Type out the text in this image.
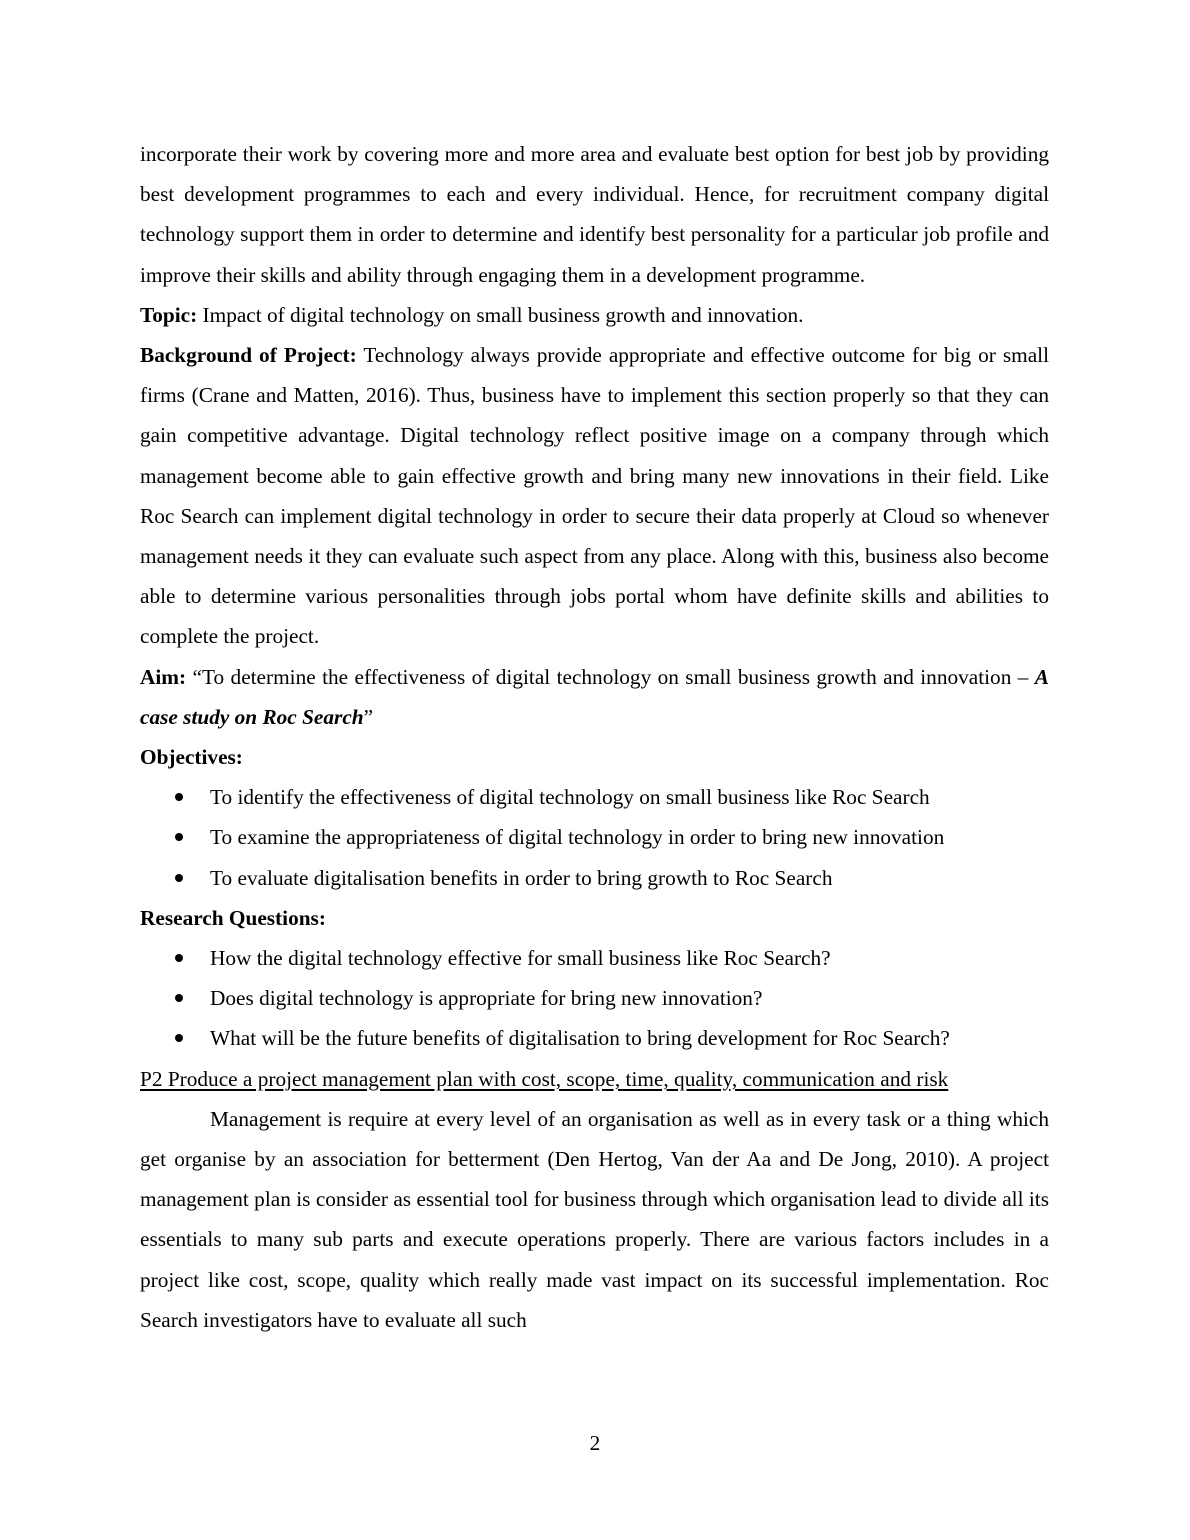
incorporate their work by covering more and more area and evaluate best option for best job by providing best development programmes to each and every individual. Hence, for recruitment company digital technology support them in order to determine and identify best personality for a particular job profile and improve their skills and ability through engaging them in a development programme.

Topic: Impact of digital technology on small business growth and innovation.

Background of Project: Technology always provide appropriate and effective outcome for big or small firms (Crane and Matten, 2016). Thus, business have to implement this section properly so that they can gain competitive advantage. Digital technology reflect positive image on a company through which management become able to gain effective growth and bring many new innovations in their field. Like Roc Search can implement digital technology in order to secure their data properly at Cloud so whenever management needs it they can evaluate such aspect from any place. Along with this, business also become able to determine various personalities through jobs portal whom have definite skills and abilities to complete the project.

Aim: “To determine the effectiveness of digital technology on small business growth and innovation – A case study on Roc Search”

Objectives:

To identify the effectiveness of digital technology on small business like Roc Search
To examine the appropriateness of digital technology in order to bring new innovation
To evaluate digitalisation benefits in order to bring growth to Roc Search

Research Questions:

How the digital technology effective for small business like Roc Search?
Does digital technology is appropriate for bring new innovation?
What will be the future benefits of digitalisation to bring development for Roc Search?

P2 Produce a project management plan with cost, scope, time, quality, communication and risk

Management is require at every level of an organisation as well as in every task or a thing which get organise by an association for betterment (Den Hertog, Van der Aa and De Jong, 2010). A project management plan is consider as essential tool for business through which organisation lead to divide all its essentials to many sub parts and execute operations properly. There are various factors includes in a project like cost, scope, quality which really made vast impact on its successful implementation. Roc Search investigators have to evaluate all such

2
